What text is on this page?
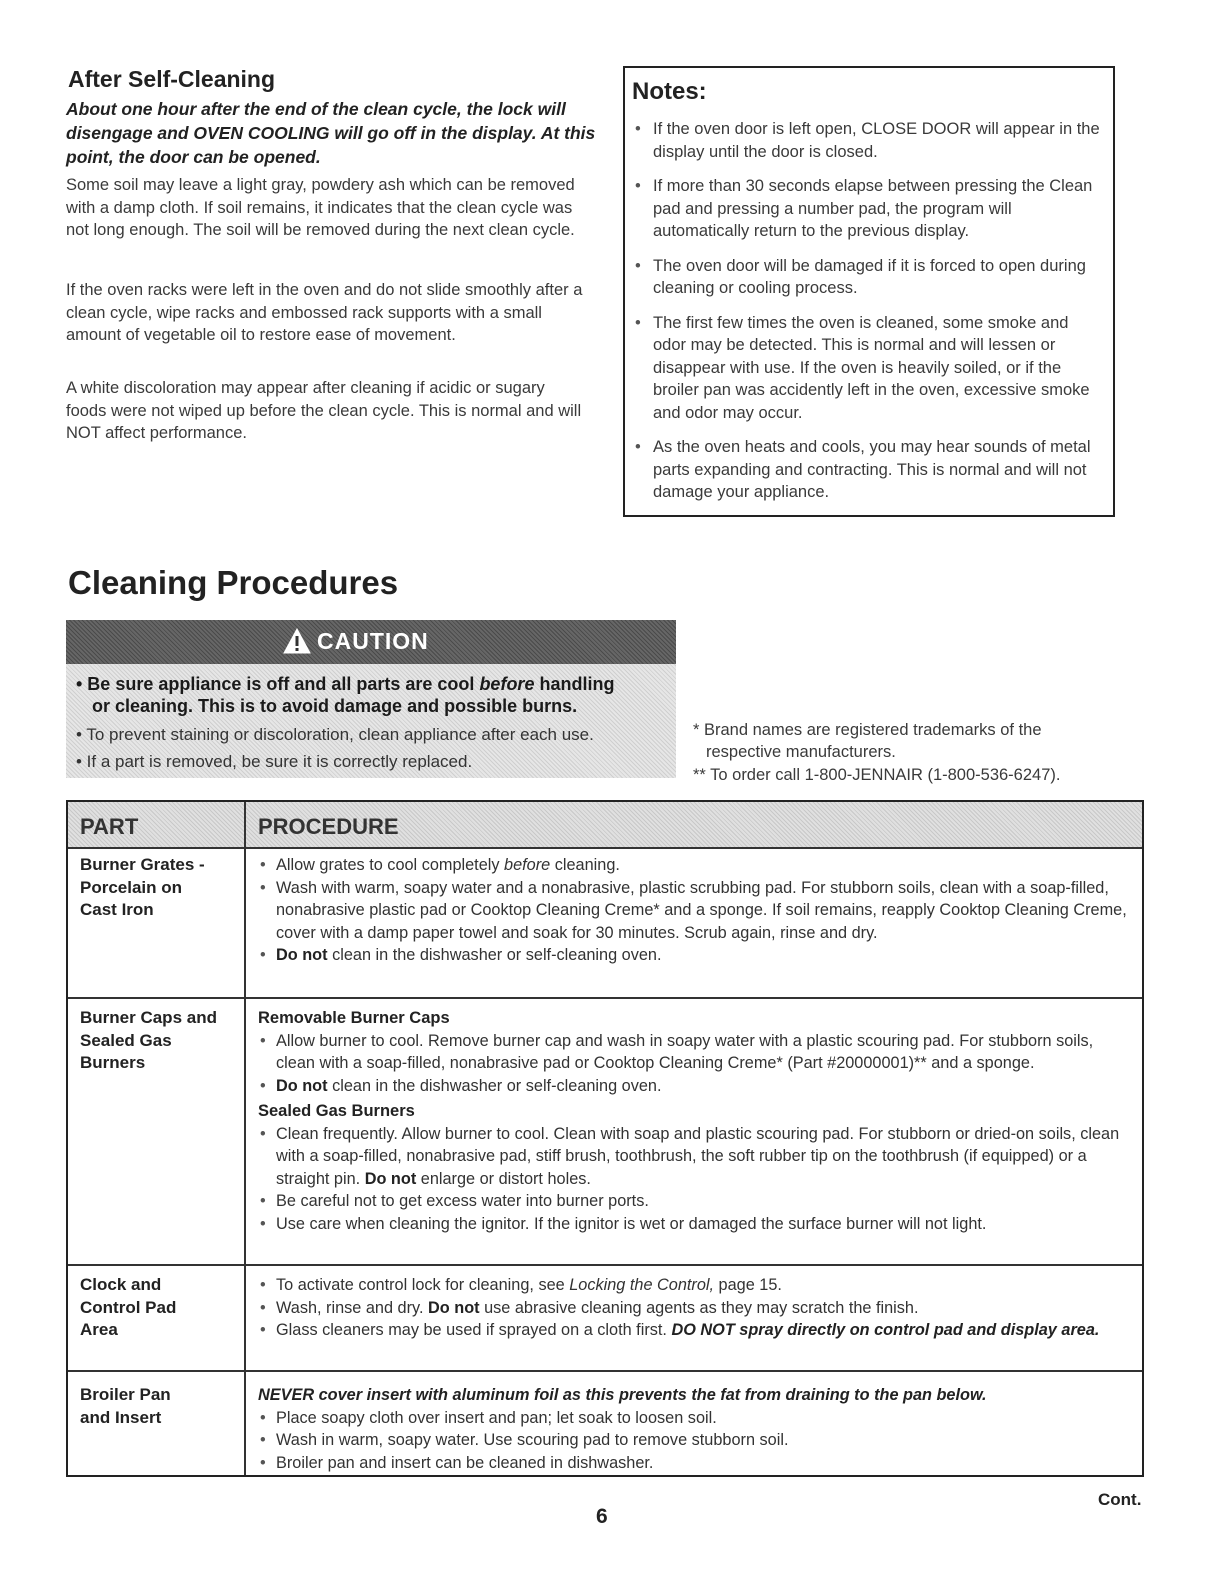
After Self-Cleaning
About one hour after the end of the clean cycle, the lock will disengage and OVEN COOLING will go off in the display. At this point, the door can be opened.
Some soil may leave a light gray, powdery ash which can be removed with a damp cloth. If soil remains, it indicates that the clean cycle was not long enough. The soil will be removed during the next clean cycle.
If the oven racks were left in the oven and do not slide smoothly after a clean cycle, wipe racks and embossed rack supports with a small amount of vegetable oil to restore ease of movement.
A white discoloration may appear after cleaning if acidic or sugary foods were not wiped up before the clean cycle. This is normal and will NOT affect performance.
Notes:
• If the oven door is left open, CLOSE DOOR will appear in the display until the door is closed.
• If more than 30 seconds elapse between pressing the Clean pad and pressing a number pad, the program will automatically return to the previous display.
• The oven door will be damaged if it is forced to open during cleaning or cooling process.
• The first few times the oven is cleaned, some smoke and odor may be detected. This is normal and will lessen or disappear with use. If the oven is heavily soiled, or if the broiler pan was accidently left in the oven, excessive smoke and odor may occur.
• As the oven heats and cools, you may hear sounds of metal parts expanding and contracting. This is normal and will not damage your appliance.
Cleaning Procedures
CAUTION
• Be sure appliance is off and all parts are cool before handling
or cleaning. This is to avoid damage and possible burns.
• To prevent staining or discoloration, clean appliance after each use.
• If a part is removed, be sure it is correctly replaced.
* Brand names are registered trademarks of the
respective manufacturers.
** To order call 1-800-JENNAIR (1-800-536-6247).
PART	PROCEDURE
Burner Grates -
Porcelain on
Cast Iron
• Allow grates to cool completely before cleaning.
• Wash with warm, soapy water and a nonabrasive, plastic scrubbing pad. For stubborn soils, clean with a soap-filled, nonabrasive plastic pad or Cooktop Cleaning Creme* and a sponge. If soil remains, reapply Cooktop Cleaning Creme, cover with a damp paper towel and soak for 30 minutes. Scrub again, rinse and dry.
• Do not clean in the dishwasher or self-cleaning oven.
Burner Caps and
Sealed Gas
Burners
Removable Burner Caps
• Allow burner to cool. Remove burner cap and wash in soapy water with a plastic scouring pad. For stubborn soils, clean with a soap-filled, nonabrasive pad or Cooktop Cleaning Creme* (Part #20000001)** and a sponge.
• Do not clean in the dishwasher or self-cleaning oven.
Sealed Gas Burners
• Clean frequently. Allow burner to cool. Clean with soap and plastic scouring pad. For stubborn or dried-on soils, clean with a soap-filled, nonabrasive pad, stiff brush, toothbrush, the soft rubber tip on the toothbrush (if equipped) or a straight pin. Do not enlarge or distort holes.
• Be careful not to get excess water into burner ports.
• Use care when cleaning the ignitor. If the ignitor is wet or damaged the surface burner will not light.
Clock and
Control Pad
Area
• To activate control lock for cleaning, see Locking the Control, page 15.
• Wash, rinse and dry. Do not use abrasive cleaning agents as they may scratch the finish.
• Glass cleaners may be used if sprayed on a cloth first. DO NOT spray directly on control pad and display area.
Broiler Pan
and Insert
NEVER cover insert with aluminum foil as this prevents the fat from draining to the pan below.
• Place soapy cloth over insert and pan; let soak to loosen soil.
• Wash in warm, soapy water. Use scouring pad to remove stubborn soil.
• Broiler pan and insert can be cleaned in dishwasher.
Cont.
6
